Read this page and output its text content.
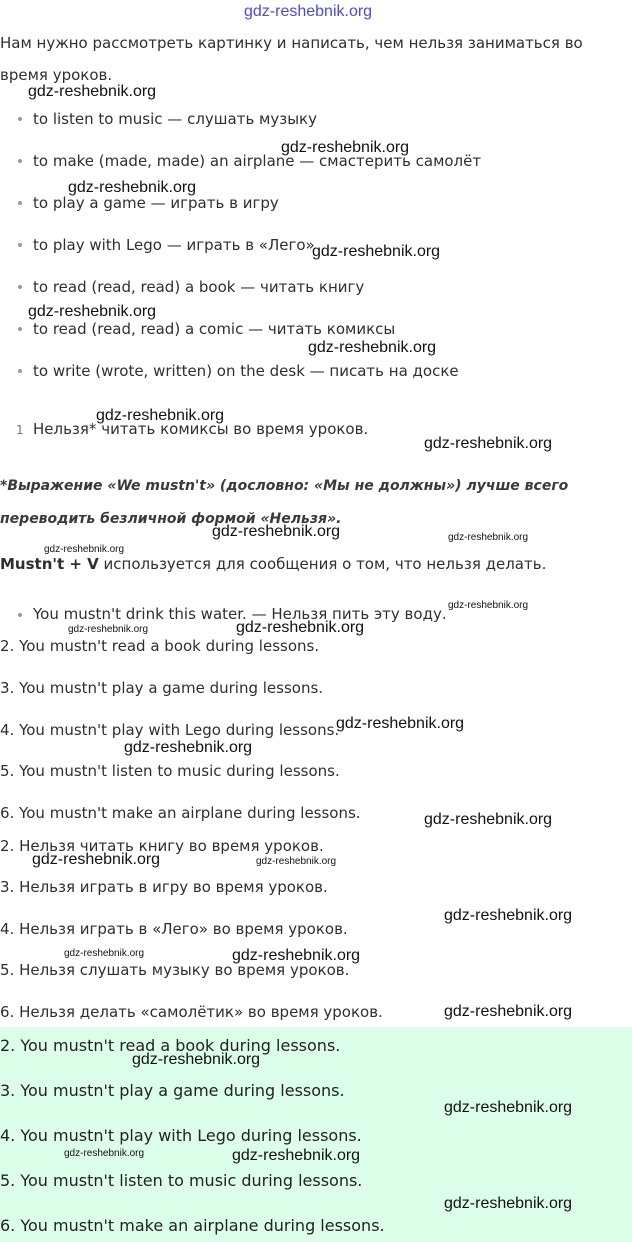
gdz-reshebnik.org
Нам нужно рассмотреть картинку и написать, чем нельзя заниматься во
время уроков.
to listen to music — слушать музыку
to make (made, made) an airplane — смастерить самолёт
to play a game — играть в игру
to play with Lego — играть в «Лего»
to read (read, read) a book — читать книгу
to read (read, read) a comic — читать комиксы
to write (wrote, written) on the desk — писать на доске
1 Нельзя* читать комиксы во время уроков.
*Выражение «We mustn't» (дословно: «Мы не должны») лучше всего
переводить безличной формой «Нельзя».
Mustn't + V используется для сообщения о том, что нельзя делать.
You mustn't drink this water. — Нельзя пить эту воду.
2. You mustn't read a book during lessons.
3. You mustn't play a game during lessons.
4. You mustn't play with Lego during lessons.
5. You mustn't listen to music during lessons.
6. You mustn't make an airplane during lessons.
2. Нельзя читать книгу во время уроков.
3. Нельзя играть в игру во время уроков.
4. Нельзя играть в «Лего» во время уроков.
5. Нельзя слушать музыку во время уроков.
6. Нельзя делать «самолётик» во время уроков.
2. You mustn't read a book during lessons.
3. You mustn't play a game during lessons.
4. You mustn't play with Lego during lessons.
5. You mustn't listen to music during lessons.
6. You mustn't make an airplane during lessons.
gdz-reshebnik.org
gdz-reshebnik.org
gdz-reshebnik.org
gdz-reshebnik.org
gdz-reshebnik.org
gdz-reshebnik.org
gdz-reshebnik.org
gdz-reshebnik.org
gdz-reshebnik.org	gdz-reshebnik.org
gdz-reshebnik.org
gdz-reshebnik.org
gdz-reshebnik.org
gdz-reshebnik.org
gdz-reshebnik.org
gdz-reshebnik.org
gdz-reshebnik.org
gdz-reshebnik.org	gdz-reshebnik.org
gdz-reshebnik.org
gdz-reshebnik.org	gdz-reshebnik.org
gdz-reshebnik.org
gdz-reshebnik.org
gdz-reshebnik.org
gdz-reshebnik.org	gdz-reshebnik.org
gdz-reshebnik.org
